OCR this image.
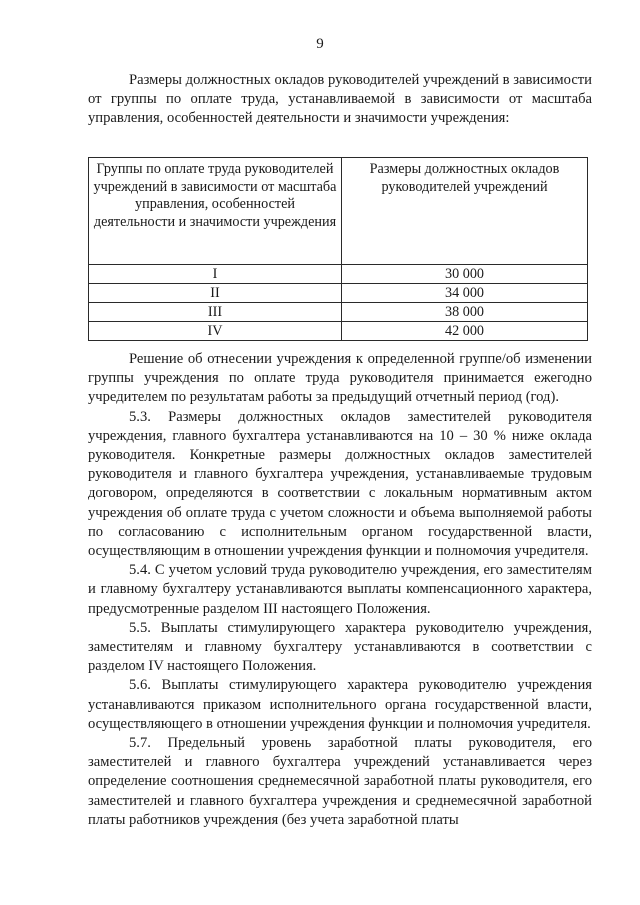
9

Размеры должностных окладов руководителей учреждений в зависимости от группы по оплате труда, устанавливаемой в зависимости от масштаба управления, особенностей деятельности и значимости учреждения:

Группы по оплате труда руководителей учреждений в зависимости от масштаба управления, особенностей деятельности и значимости учреждения	Размеры должностных окладов руководителей учреждений
I	30 000
II	34 000
III	38 000
IV	42 000

Решение об отнесении учреждения к определенной группе/об изменении группы учреждения по оплате труда руководителя принимается ежегодно учредителем по результатам работы за предыдущий отчетный период (год).

5.3. Размеры должностных окладов заместителей руководителя учреждения, главного бухгалтера устанавливаются на 10 – 30 % ниже оклада руководителя. Конкретные размеры должностных окладов заместителей руководителя и главного бухгалтера учреждения, устанавливаемые трудовым договором, определяются в соответствии с локальным нормативным актом учреждения об оплате труда с учетом сложности и объема выполняемой работы по согласованию с исполнительным органом государственной власти, осуществляющим в отношении учреждения функции и полномочия учредителя.

5.4. С учетом условий труда руководителю учреждения, его заместителям и главному бухгалтеру устанавливаются выплаты компенсационного характера, предусмотренные разделом III настоящего Положения.

5.5. Выплаты стимулирующего характера руководителю учреждения, заместителям и главному бухгалтеру устанавливаются в соответствии с разделом IV настоящего Положения.

5.6. Выплаты стимулирующего характера руководителю учреждения устанавливаются приказом исполнительного органа государственной власти, осуществляющего в отношении учреждения функции и полномочия учредителя.

5.7. Предельный уровень заработной платы руководителя, его заместителей и главного бухгалтера учреждений устанавливается через определение соотношения среднемесячной заработной платы руководителя, его заместителей и главного бухгалтера учреждения и среднемесячной заработной платы работников учреждения (без учета заработной платы
